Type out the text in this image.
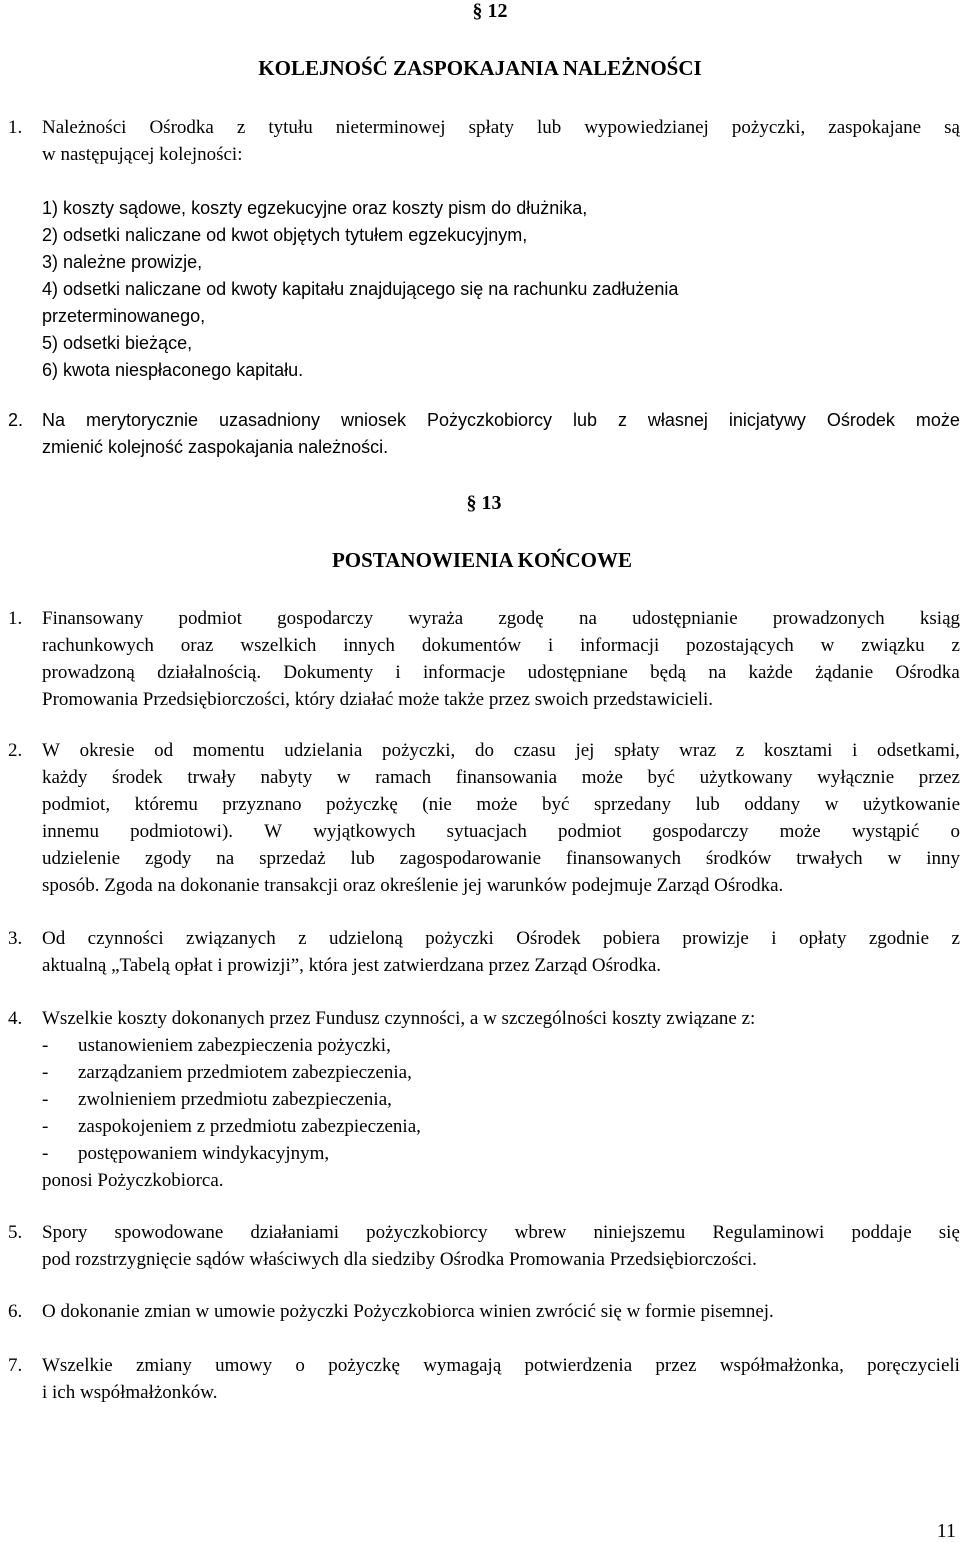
§ 12
KOLEJNOŚĆ ZASPOKAJANIA NALEŻNOŚCI
1. Należności Ośrodka z tytułu nieterminowej spłaty lub wypowiedzianej pożyczki, zaspokajane są
w następującej kolejności:
1) koszty sądowe, koszty egzekucyjne oraz koszty pism do dłużnika,
2) odsetki naliczane od kwot objętych tytułem egzekucyjnym,
3) należne prowizje,
4) odsetki naliczane od kwoty kapitału znajdującego się na rachunku zadłużenia
przeterminowanego,
5) odsetki bieżące,
6) kwota niespłaconego kapitału.
2. Na merytorycznie uzasadniony wniosek Pożyczkobiorcy lub z własnej inicjatywy Ośrodek może
zmienić kolejność zaspokajania należności.
§ 13
POSTANOWIENIA KOŃCOWE
1. Finansowany podmiot gospodarczy wyraża zgodę na udostępnianie prowadzonych ksiąg
rachunkowych oraz wszelkich innych dokumentów i informacji pozostających w związku z
prowadzoną działalnością. Dokumenty i informacje udostępniane będą na każde żądanie Ośrodka
Promowania Przedsiębiorczości, który działać może także przez swoich przedstawicieli.
2. W okresie od momentu udzielania pożyczki, do czasu jej spłaty wraz z kosztami i odsetkami,
każdy środek trwały nabyty w ramach finansowania może być użytkowany wyłącznie przez
podmiot, któremu przyznano pożyczkę (nie może być sprzedany lub oddany w użytkowanie
innemu podmiotowi). W wyjątkowych sytuacjach podmiot gospodarczy może wystąpić o
udzielenie zgody na sprzedaż lub zagospodarowanie finansowanych środków trwałych w inny
sposób. Zgoda na dokonanie transakcji oraz określenie jej warunków podejmuje Zarząd Ośrodka.
3. Od czynności związanych z udzieloną pożyczki Ośrodek pobiera prowizje i opłaty zgodnie z
aktualną „Tabelą opłat i prowizji”, która jest zatwierdzana przez Zarząd Ośrodka.
4. Wszelkie koszty dokonanych przez Fundusz czynności, a w szczególności koszty związane z:
- ustanowieniem zabezpieczenia pożyczki,
- zarządzaniem przedmiotem zabezpieczenia,
- zwolnieniem przedmiotu zabezpieczenia,
- zaspokojeniem z przedmiotu zabezpieczenia,
- postępowaniem windykacyjnym,
ponosi Pożyczkobiorca.
5. Spory spowodowane działaniami pożyczkobiorcy wbrew niniejszemu Regulaminowi poddaje się
pod rozstrzygnięcie sądów właściwych dla siedziby Ośrodka Promowania Przedsiębiorczości.
6. O dokonanie zmian w umowie pożyczki Pożyczkobiorca winien zwrócić się w formie pisemnej.
7. Wszelkie zmiany umowy o pożyczkę wymagają potwierdzenia przez współmałżonka, poręczycieli
i ich współmałżonków.
11
